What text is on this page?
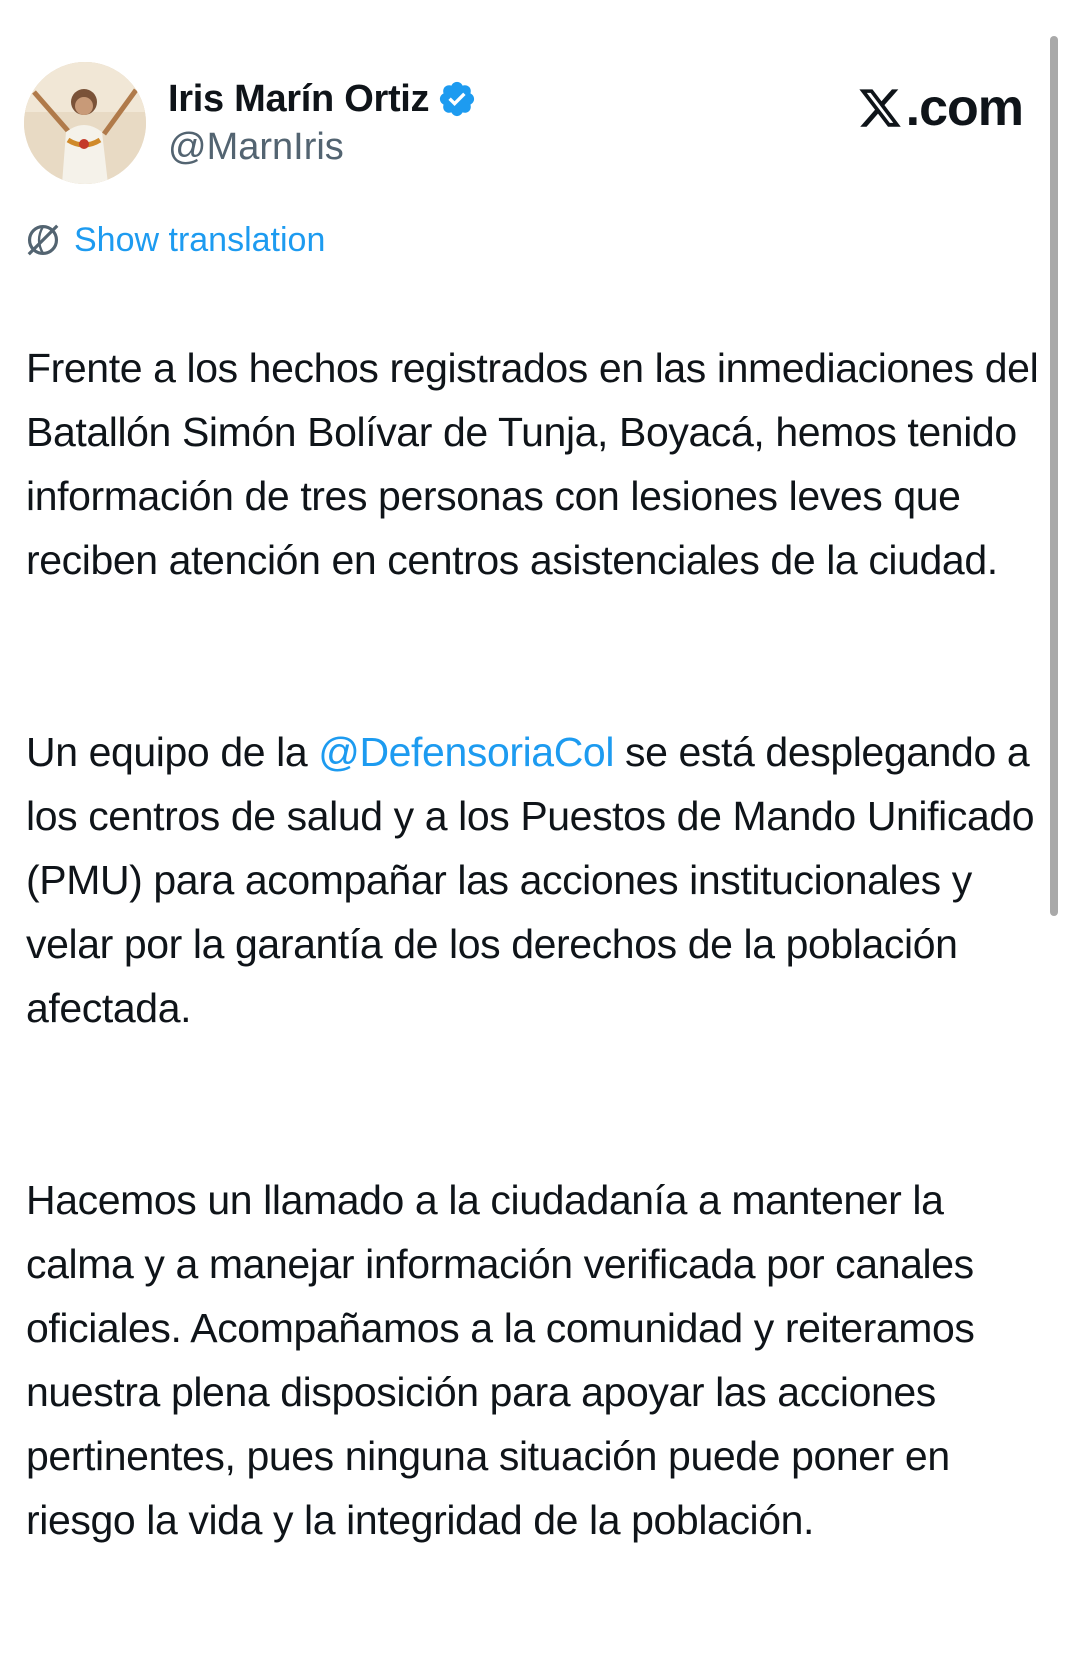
Iris Marín Ortiz
@MarnIris
.com
Show translation

Frente a los hechos registrados en las inmediaciones del Batallón Simón Bolívar de Tunja, Boyacá, hemos tenido información de tres personas con lesiones leves que reciben atención en centros asistenciales de la ciudad.

Un equipo de la @DefensoriaCol se está desplegando a los centros de salud y a los Puestos de Mando Unificado (PMU) para acompañar las acciones institucionales y velar por la garantía de los derechos de la población afectada.

Hacemos un llamado a la ciudadanía a mantener la calma y a manejar información verificada por canales oficiales. Acompañamos a la comunidad y reiteramos nuestra plena disposición para apoyar las acciones pertinentes, pues ninguna situación puede poner en riesgo la vida y la integridad de la población.
